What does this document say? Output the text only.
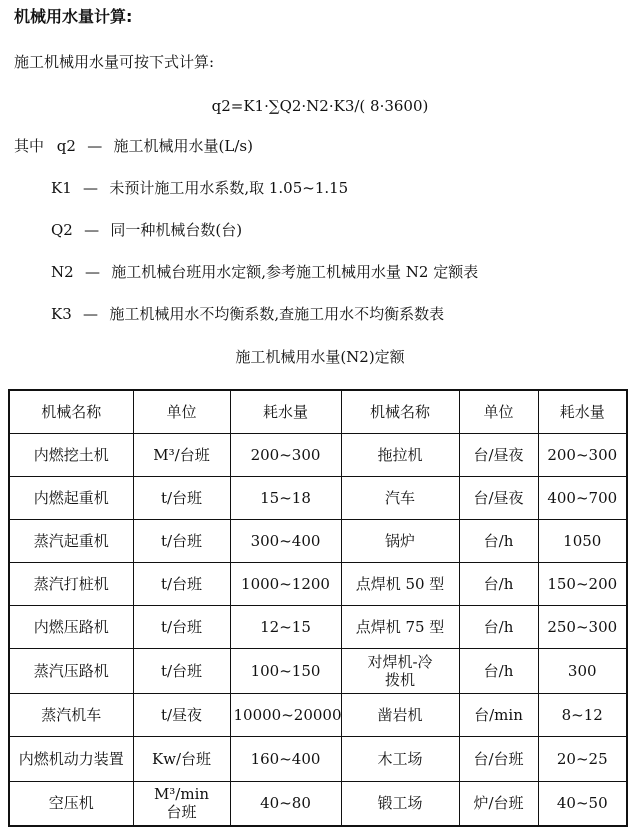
机械用水量计算:
施工机械用水量可按下式计算:
q2=K1·∑Q2·N2·K3/( 8·3600)
其中 q2 — 施工机械用水量(L/s)
K1 — 未预计施工用水系数,取 1.05~1.15
Q2 — 同一种机械台数(台)
N2 — 施工机械台班用水定额,参考施工机械用水量 N2 定额表
K3 — 施工机械用水不均衡系数,查施工用水不均衡系数表
施工机械用水量(N2)定额
机械名称	单位	耗水量	机械名称	单位	耗水量
内燃挖土机	M³/台班	200~300	拖拉机	台/昼夜	200~300
内燃起重机	t/台班	15~18	汽车	台/昼夜	400~700
蒸汽起重机	t/台班	300~400	锅炉	台/h	1050
蒸汽打桩机	t/台班	1000~1200	点焊机 50 型	台/h	150~200
内燃压路机	t/台班	12~15	点焊机 75 型	台/h	250~300
蒸汽压路机	t/台班	100~150	对焊机-冷拨机	台/h	300
蒸汽机车	t/昼夜	10000~20000	凿岩机	台/min	8~12
内燃机动力装置	Kw/台班	160~400	木工场	台/台班	20~25
空压机	M³/min 台班	40~80	锻工场	炉/台班	40~50
